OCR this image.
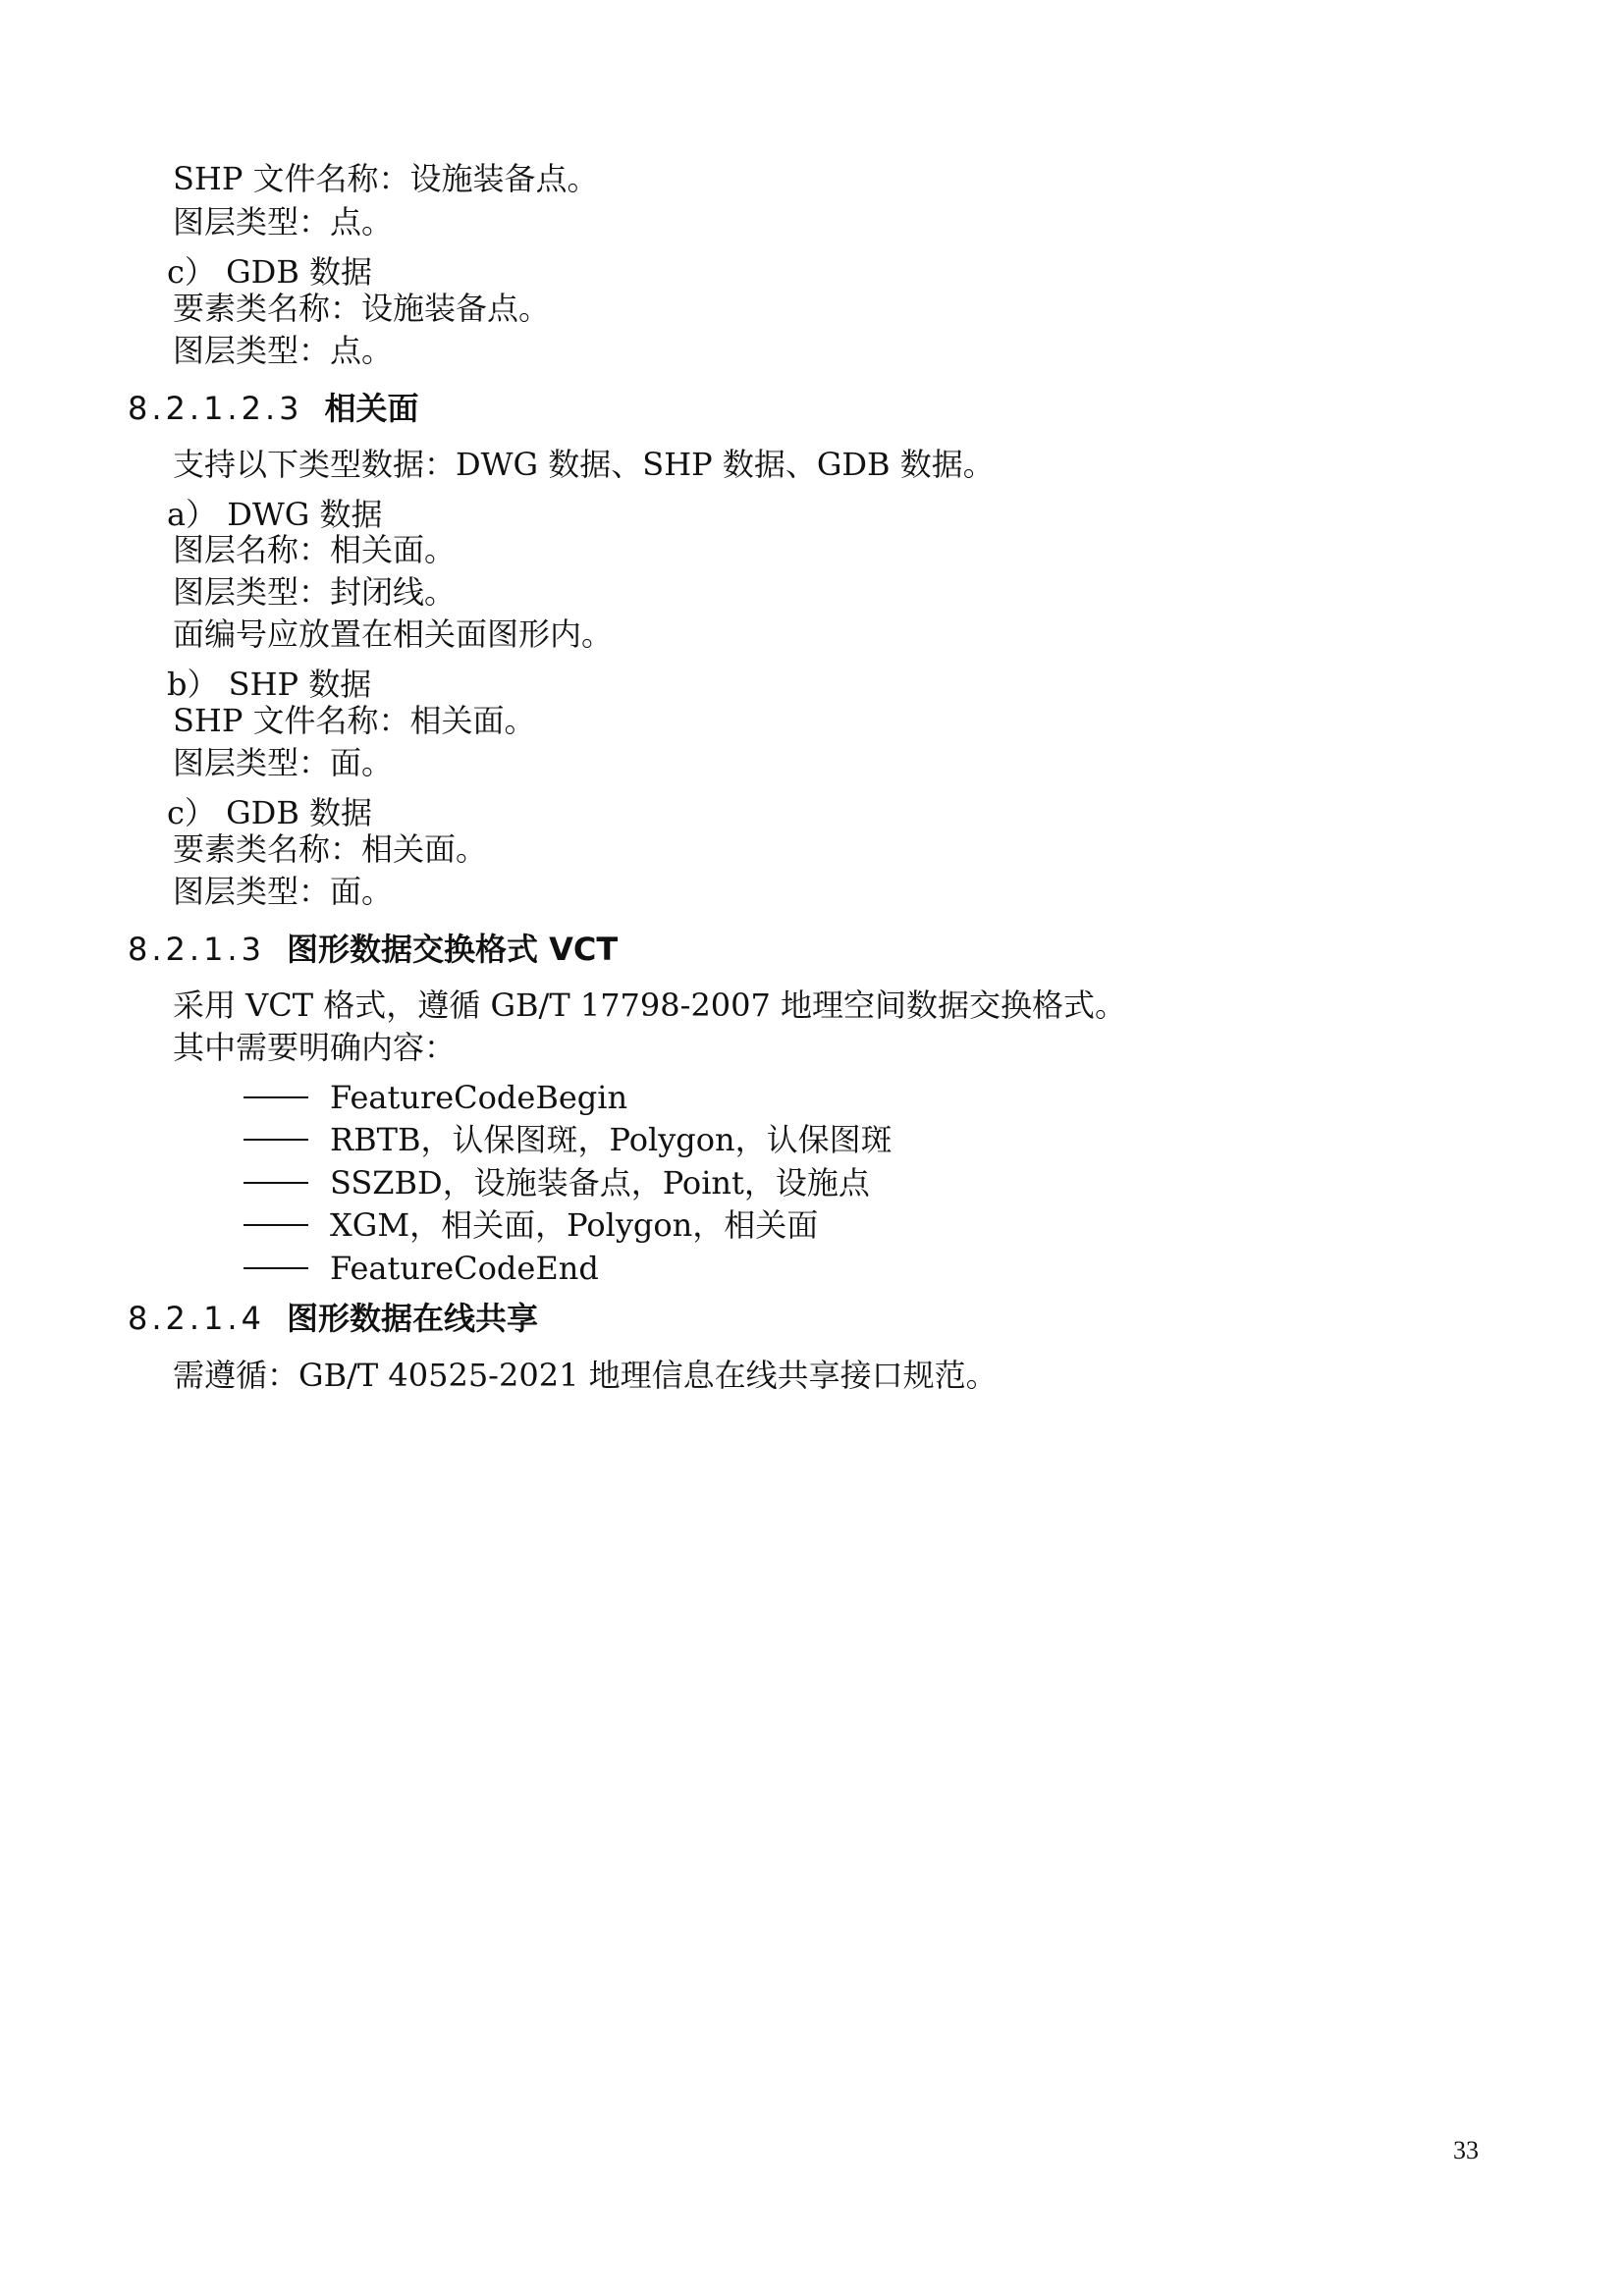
SHP 文件名称：设施装备点。

图层类型：点。

c） GDB 数据

要素类名称：设施装备点。

图层类型：点。

8.2.1.2.3 相关面

支持以下类型数据：DWG 数据、SHP 数据、GDB 数据。

a） DWG 数据

图层名称：相关面。

图层类型：封闭线。

面编号应放置在相关面图形内。

b） SHP 数据

SHP 文件名称：相关面。

图层类型：面。

c） GDB 数据

要素类名称：相关面。

图层类型：面。

8.2.1.3 图形数据交换格式 VCT

采用 VCT 格式，遵循 GB/T 17798-2007 地理空间数据交换格式。

其中需要明确内容：

FeatureCodeBegin
RBTB，认保图斑，Polygon，认保图斑
SSZBD，设施装备点，Point，设施点
XGM，相关面，Polygon，相关面
FeatureCodeEnd
8.2.1.4 图形数据在线共享

需遵循：GB/T 40525-2021 地理信息在线共享接口规范。

33
